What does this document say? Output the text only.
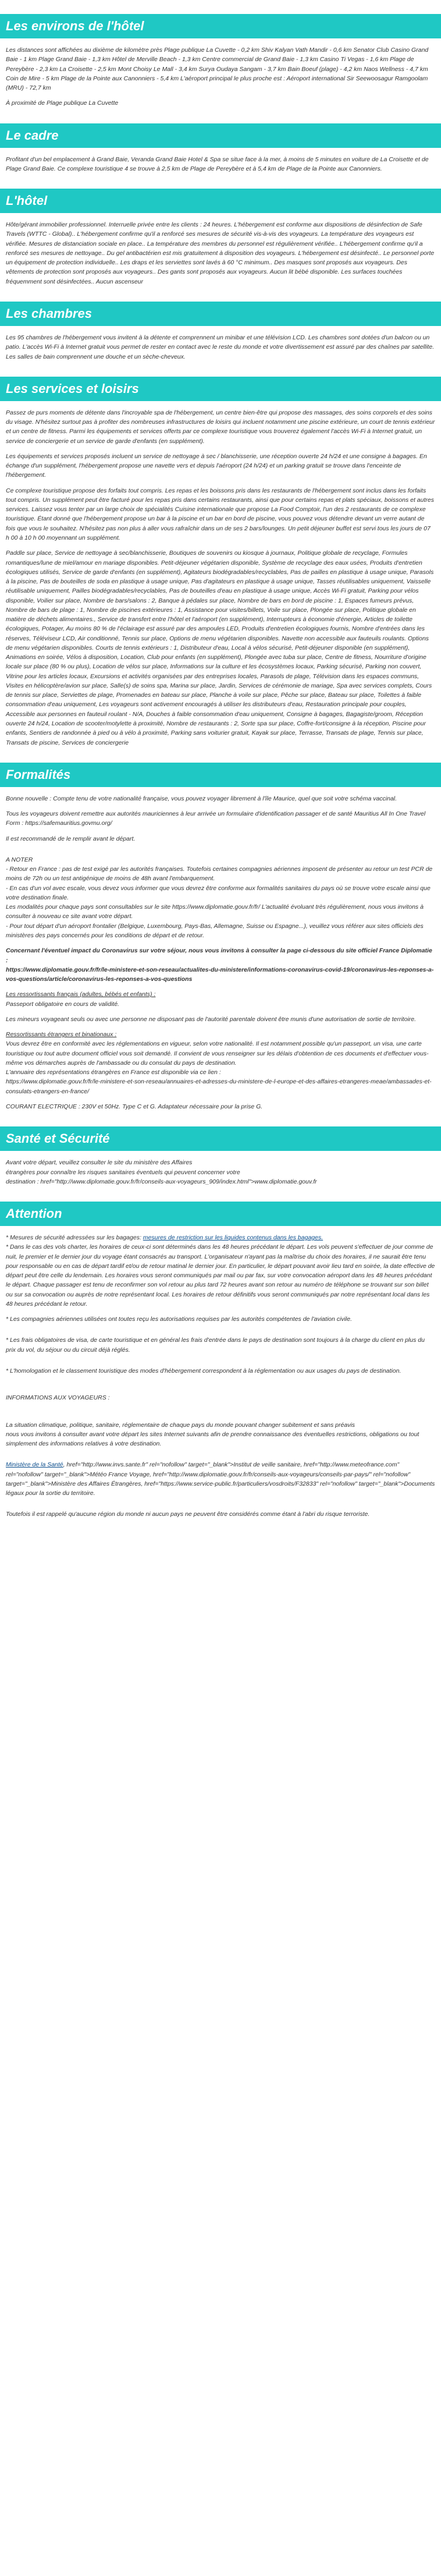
Les environs de l'hôtel

Les distances sont affichées au dixième de kilomètre près Plage publique La Cuvette - 0,2 km Shiv Kalyan Vath Mandir - 0,6 km Senator Club Casino Grand Baie - 1 km Plage Grand Baie - 1,3 km Hôtel de Merville Beach - 1,3 km Centre commercial de Grand Baie - 1,3 km Casino Ti Vegas - 1,6 km Plage de Pereybère - 2,3 km La Croisette - 2,5 km Mont Choisy Le Mall - 3,4 km Surya Oudaya Sangam - 3,7 km Bain Boeuf (plage) - 4,2 km Naos Wellness - 4,7 km Coin de Mire - 5 km Plage de la Pointe aux Canonniers - 5,4 km L'aéroport principal le plus proche est : Aéroport international Sir Seewoosagur Ramgoolam (MRU) - 72,7 km

À proximité de Plage publique La Cuvette

Le cadre

Profitant d'un bel emplacement à Grand Baie, Veranda Grand Baie Hotel & Spa se situe face à la mer, à moins de 5 minutes en voiture de La Croisette et de Plage Grand Baie. Ce complexe touristique 4 se trouve à 2,5 km de Plage de Pereybère et à 5,4 km de Plage de la Pointe aux Canonniers.

L'hôtel

Hôte/gérant immobilier professionnel. Interruelle privée entre les clients : 24 heures. L'hébergement est conforme aux dispositions de désinfection de Safe Travels (WTTC - Global).. L'hébergement confirme qu'il a renforcé ses mesures de sécurité vis-à-vis des voyageurs. La température des voyageurs est vérifiée. Mesures de distanciation sociale en place.. La température des membres du personnel est régulièrement vérifiée.. L'hébergement confirme qu'il a renforcé ses mesures de nettoyage.. Du gel antibactérien est mis gratuitement à disposition des voyageurs. L'hébergement est désinfecté.. Le personnel porte un équipement de protection individuelle.. Les draps et les serviettes sont lavés à 60 °C minimum.. Des masques sont proposés aux voyageurs. Des vêtements de protection sont proposés aux voyageurs.. Des gants sont proposés aux voyageurs. Aucun lit bébé disponible. Les surfaces touchées fréquemment sont désinfectées.. Aucun ascenseur

Les chambres

Les 95 chambres de l'hébergement vous invitent à la détente et comprennent un minibar et une télévision LCD. Les chambres sont dotées d'un balcon ou un patio. L'accès Wi-Fi à Internet gratuit vous permet de rester en contact avec le reste du monde et votre divertissement est assuré par des chaînes par satellite. Les salles de bain comprennent une douche et un sèche-cheveux.

Les services et loisirs

Passez de purs moments de détente dans l'incroyable spa de l'hébergement, un centre bien-être qui propose des massages, des soins corporels et des soins du visage. N'hésitez surtout pas à profiter des nombreuses infrastructures de loisirs qui incluent notamment une piscine extérieure, un court de tennis extérieur et un centre de fitness. Parmi les équipements et services offerts par ce complexe touristique vous trouverez également l'accès Wi-Fi à Internet gratuit, un service de conciergerie et un service de garde d'enfants (en supplément).

Les équipements et services proposés incluent un service de nettoyage à sec / blanchisserie, une réception ouverte 24 h/24 et une consigne à bagages. En échange d'un supplément, l'hébergement propose une navette vers et depuis l'aéroport (24 h/24) et un parking gratuit se trouve dans l'enceinte de l'hébergement.

Ce complexe touristique propose des forfaits tout compris. Les repas et les boissons pris dans les restaurants de l'hébergement sont inclus dans les forfaits tout compris. Un supplément peut être facturé pour les repas pris dans certains restaurants, ainsi que pour certains repas et plats spéciaux, boissons et autres services. Laissez vous tenter par un large choix de spécialités Cuisine internationale que propose La Food Comptoir, l'un des 2 restaurants de ce complexe touristique. Étant donné que l'hébergement propose un bar à la piscine et un bar en bord de piscine, vous pouvez vous détendre devant un verre autant de fois que vous le souhaitez. N'hésitez pas non plus à aller vous rafraîchir dans un de ses 2 bars/lounges. Un petit déjeuner buffet est servi tous les jours de 07 h 00 à 10 h 00 moyennant un supplément.

Paddle sur place, Service de nettoyage à sec/blanchisserie, Boutiques de souvenirs ou kiosque à journaux, Politique globale de recyclage, Formules romantiques/lune de miel/amour en mariage disponibles. Petit-déjeuner végétarien disponible, Système de recyclage des eaux usées, Produits d'entretien écologiques utilisés, Service de garde d'enfants (en supplément), Agitateurs biodégradables/recyclables, Pas de pailles en plastique à usage unique, Parasols à la piscine, Pas de bouteilles de soda en plastique à usage unique, Pas d'agitateurs en plastique à usage unique, Tasses réutilisables uniquement, Vaisselle réutilisable uniquement, Pailles biodégradables/recyclables, Pas de bouteilles d'eau en plastique à usage unique, Accès Wi-Fi gratuit, Parking pour vélos disponible, Voilier sur place, Nombre de bars/salons : 2, Banque à pédales sur place, Nombre de bars en bord de piscine : 1, Espaces fumeurs prévus, Nombre de bars de plage : 1, Nombre de piscines extérieures : 1, Assistance pour visites/billets, Voile sur place, Plongée sur place, Politique globale en matière de déchets alimentaires., Service de transfert entre l'hôtel et l'aéroport (en supplément), Interrupteurs à économie d'énergie, Articles de toilette écologiques, Potager, Au moins 80 % de l'éclairage est assuré par des ampoules LED, Produits d'entretien écologiques fournis, Nombre d'entrées dans les réserves, Téléviseur LCD, Air conditionné, Tennis sur place, Options de menu végétarien disponibles. Navette non accessible aux fauteuils roulants. Options de menu végétarien disponibles. Courts de tennis extérieurs : 1, Distributeur d'eau, Local à vélos sécurisé, Petit-déjeuner disponible (en supplément), Animations en soirée, Vélos à disposition, Location, Club pour enfants (en supplément), Plongée avec tuba sur place, Centre de fitness, Nourriture d'origine locale sur place (80 % ou plus), Location de vélos sur place, Informations sur la culture et les écosystèmes locaux, Parking sécurisé, Parking non couvert, Vitrine pour les articles locaux, Excursions et activités organisées par des entreprises locales, Parasols de plage, Télévision dans les espaces communs, Visites en hélicoptère/avion sur place, Salle(s) de soins spa, Marina sur place, Jardin, Services de cérémonie de mariage, Spa avec services complets, Cours de tennis sur place, Serviettes de plage, Promenades en bateau sur place, Planche à voile sur place, Pêche sur place, Bateau sur place, Toilettes à faible consommation d'eau uniquement, Les voyageurs sont activement encouragés à utiliser les distributeurs d'eau, Restauration principale pour couples, Accessible aux personnes en fauteuil roulant - N/A, Douches à faible consommation d'eau uniquement, Consigne à bagages, Bagagiste/groom, Réception ouverte 24 h/24, Location de scooter/motylette à proximité, Nombre de restaurants : 2, Sorte spa sur place, Coffre-fort/consigne à la réception, Piscine pour enfants, Sentiers de randonnée à pied ou à vélo à proximité, Parking sans voiturier gratuit, Kayak sur place, Terrasse, Transats de plage, Tennis sur place, Transats de piscine, Services de conciergerie

Formalités

Bonne nouvelle : Compte tenu de votre nationalité française, vous pouvez voyager librement à l'île Maurice, quel que soit votre schéma vaccinal.

Tous les voyageurs doivent remettre aux autorités mauriciennes à leur arrivée un formulaire d'identification passager et de santé Mauritius All In One Travel Form : https://safemauritius.govmu.org/

Il est recommandé de le remplir avant le départ.

A NOTER
- Retour en France : pas de test exigé par les autorités françaises. Toutefois certaines compagnies aériennes imposent de présenter au retour un test PCR de moins de 72h ou un test antigénique de moins de 48h avant l'embarquement.
- En cas d'un vol avec escale, vous devez vous informer que vous devrez être conforme aux formalités sanitaires du pays où se trouve votre escale ainsi que votre destination finale.
Les modalités pour chaque pays sont consultables sur le site https://www.diplomatie.gouv.fr/fr/ L'actualité évoluant très régulièrement, nous vous invitons à consulter à nouveau ce site avant votre départ.

- Pour tout départ d'un aéroport frontalier (Belgique, Luxembourg, Pays-Bas, Allemagne, Suisse ou Espagne...), veuillez vous référer aux sites officiels des ministères des pays concernés pour les conditions de départ et de retour.

Concernant l'éventuel impact du Coronavirus sur votre séjour, nous vous invitons à consulter la page ci-dessous du site officiel France Diplomatie :

https://www.diplomatie.gouv.fr/fr/le-ministere-et-son-reseau/actualites-du-ministere/informations-coronavirus-covid-19/coronavirus-les-reponses-a-vos-questions/article/coronavirus-les-reponses-a-vos-questions

Les ressortissants français (adultes, bébés et enfants) :

Passeport obligatoire en cours de validité.

Les mineurs voyageant seuls ou avec une personne ne disposant pas de l'autorité parentale doivent être munis d'une autorisation de sortie de territoire.

Ressortissants étrangers et binationaux :
Vous devrez être en conformité avec les réglementations en vigueur, selon votre nationalité. Il est notamment possible qu'un passeport, un visa, une carte touristique ou tout autre document officiel vous soit demandé. Il convient de vous renseigner sur les délais d'obtention de ces documents et d'effectuer vous-même vos démarches auprès de l'ambassade ou du consulat du pays de destination.
L'annuaire des représentations étrangères en France est disponible via ce lien :

https://www.diplomatie.gouv.fr/fr/le-ministere-et-son-reseau/annuaires-et-adresses-du-ministere-de-l-europe-et-des-affaires-etrangeres-meae/ambassades-et-consulats-etrangers-en-france/

COURANT ELECTRIQUE : 230V et 50Hz. Type C et G. Adaptateur nécessaire pour la prise G.

Santé et Sécurité
Avant votre départ, veuillez consulter le site du ministère des Affaires
étrangères pour connaître les risques sanitaires éventuels qui peuvent concerner votre
destination : href="http://www.diplomatie.gouv.fr/fr/conseils-aux-voyageurs_909/index.html">www.diplomatie.gouv.fr
Attention
* Mesures de sécurité adressées sur les bagages: mesures de restriction sur les liquides contenus dans les bagages.

* Dans le cas des vols charter, les horaires de ceux-ci sont déterminés dans les 48 heures précédant le départ. Les vols peuvent s'effectuer de jour comme de nuit, le premier et le dernier jour du voyage étant consacrés au transport. L'organisateur n'ayant pas la maîtrise du choix des horaires, il ne saurait être tenu pour responsable ou en cas de départ tardif et/ou de retour matinal le dernier jour. En particulier, le départ pouvant avoir lieu tard en soirée, la date effective de départ peut être celle du lendemain. Les horaires vous seront communiqués par mail ou par fax, sur votre convocation aéroport dans les 48 heures précédant le départ. Chaque passager est tenu de reconfirmer son vol retour au plus tard 72 heures avant son retour au numéro de téléphone se trouvant sur son billet ou sur sa convocation ou auprès de notre représentant local. Les horaires de retour définitifs vous seront communiqués par notre représentant local dans les 48 heures précédant le retour.

* Les compagnies aériennes utilisées ont toutes reçu les autorisations requises par les autorités compétentes de l'aviation civile.

* Les frais obligatoires de visa, de carte touristique et en général les frais d'entrée dans le pays de destination sont toujours à la charge du client en plus du prix du vol, du séjour ou du circuit déjà réglés.

* L'homologation et le classement touristique des modes d'hébergement correspondent à la réglementation ou aux usages du pays de destination.

INFORMATIONS AUX VOYAGEURS :

La situation climatique, politique, sanitaire, réglementaire de chaque pays du monde pouvant changer subitement et sans préavis

nous vous invitons à consulter avant votre départ les sites Internet suivants afin de prendre connaissance des éventuelles restrictions, obligations ou tout simplement des informations relatives à votre destination.

Ministère de la Santé, href="http://www.invs.sante.fr" rel="nofollow" target="_blank">Institut de veille sanitaire, href="http://www.meteofrance.com" rel="nofollow" target="_blank">Météo France Voyage, href="http://www.diplomatie.gouv.fr/fr/conseils-aux-voyageurs/conseils-par-pays/" rel="nofollow" target="_blank">Ministère des Affaires Étrangères, href="https://www.service-public.fr/particuliers/vosdroits/F32833" rel="nofollow" target="_blank">Documents légaux pour la sortie du territoire.

Toutefois il est rappelé qu'aucune région du monde ni aucun pays ne peuvent être considérés comme étant à l'abri du risque terroriste.
